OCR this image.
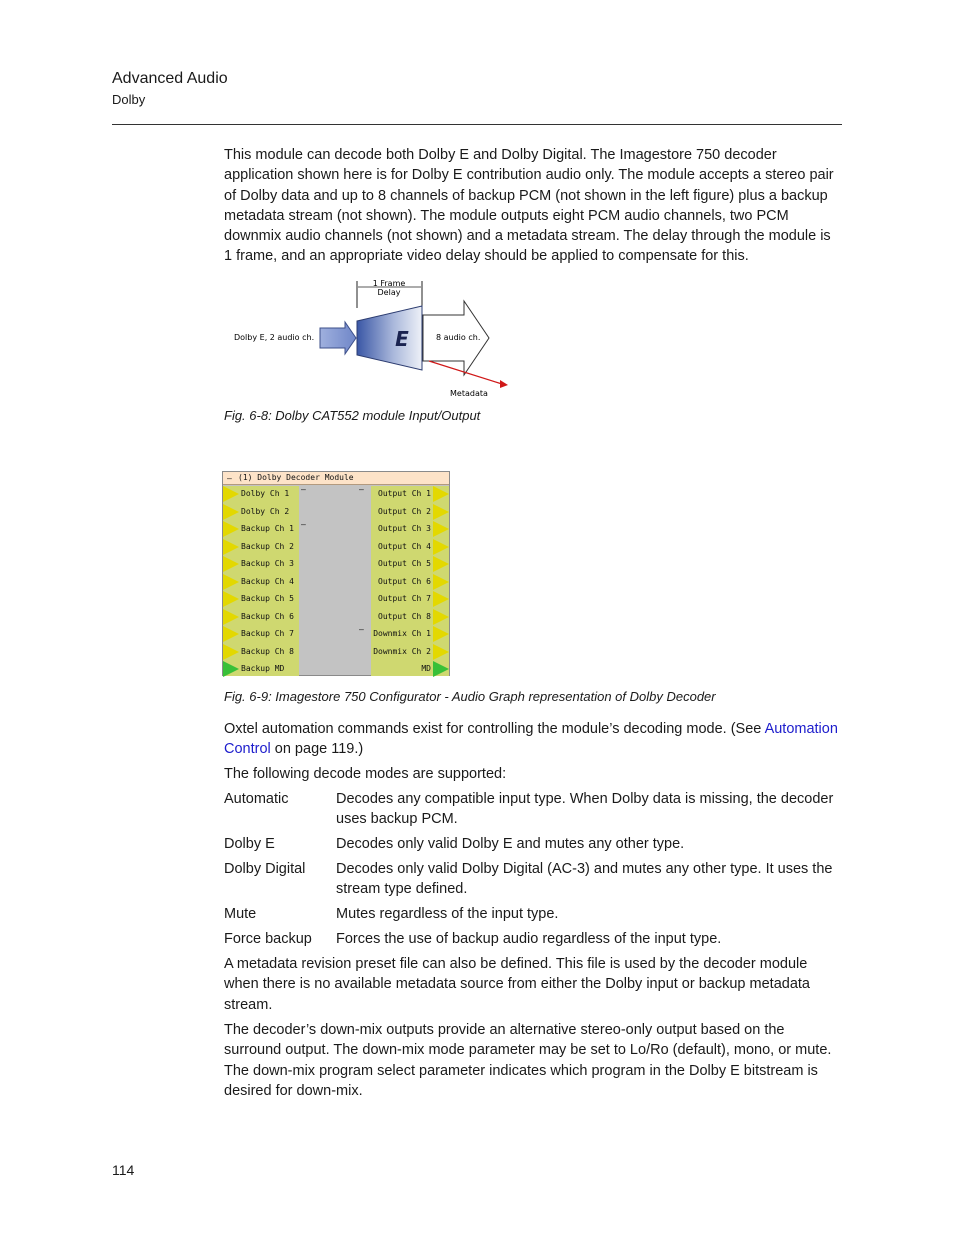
Advanced Audio
Dolby

This module can decode both Dolby E and Dolby Digital. The Imagestore 750 decoder application shown here is for Dolby E contribution audio only. The module accepts a stereo pair of Dolby data and up to 8 channels of backup PCM (not shown in the left figure) plus a backup metadata stream (not shown). The module outputs eight PCM audio channels, two PCM downmix audio channels (not shown) and a metadata stream. The delay through the module is 1 frame, and an appropriate video delay should be applied to compensate for this.

1 Frame
Delay
Dolby E, 2 audio ch.	E	8 audio ch.
Metadata
Fig. 6-8: Dolby CAT552 module Input/Output
— (1) Dolby Decoder Module
Dolby Ch 1
Dolby Ch 2
Backup Ch 1
Backup Ch 2
Backup Ch 3
Backup Ch 4
Backup Ch 5
Backup Ch 6
Backup Ch 7
Backup Ch 8
Backup MD
Output Ch 1
Output Ch 2
Output Ch 3
Output Ch 4
Output Ch 5
Output Ch 6
Output Ch 7
Output Ch 8
Downmix Ch 1
Downmix Ch 2
MD
—
—
—
—
Fig. 6-9: Imagestore 750 Configurator - Audio Graph representation of Dolby Decoder

Oxtel automation commands exist for controlling the module’s decoding mode. (See Automation Control on page 119.)

The following decode modes are supported:

Automatic	Decodes any compatible input type. When Dolby data is missing, the decoder uses backup PCM.
Dolby E	Decodes only valid Dolby E and mutes any other type.
Dolby Digital	Decodes only valid Dolby Digital (AC-3) and mutes any other type. It uses the stream type defined.
Mute	Mutes regardless of the input type.
Force backup	Forces the use of backup audio regardless of the input type.

A metadata revision preset file can also be defined. This file is used by the decoder module when there is no available metadata source from either the Dolby input or backup metadata stream.

The decoder’s down-mix outputs provide an alternative stereo-only output based on the surround output. The down-mix mode parameter may be set to Lo/Ro (default), mono, or mute. The down-mix program select parameter indicates which program in the Dolby E bitstream is desired for down-mix.

114
